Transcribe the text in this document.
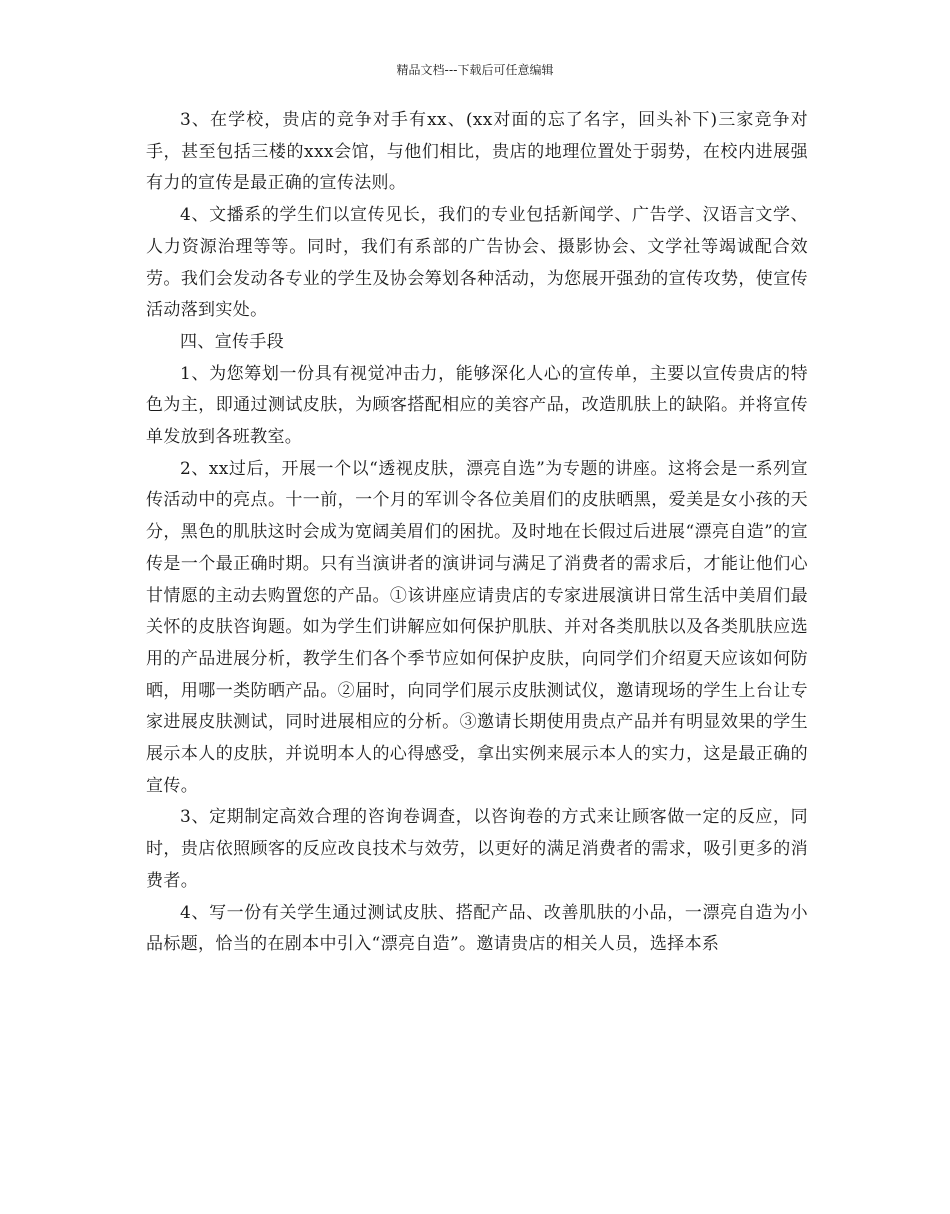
精品文档---下载后可任意编辑

3、在学校，贵店的竞争对手有xx、(xx对面的忘了名字，回头补下)三家竞争对手，甚至包括三楼的xxx会馆，与他们相比，贵店的地理位置处于弱势，在校内进展强有力的宣传是最正确的宣传法则。

4、文播系的学生们以宣传见长，我们的专业包括新闻学、广告学、汉语言文学、人力资源治理等等。同时，我们有系部的广告协会、摄影协会、文学社等竭诚配合效劳。我们会发动各专业的学生及协会筹划各种活动，为您展开强劲的宣传攻势，使宣传活动落到实处。

四、宣传手段

1、为您筹划一份具有视觉冲击力，能够深化人心的宣传单，主要以宣传贵店的特色为主，即通过测试皮肤，为顾客搭配相应的美容产品，改造肌肤上的缺陷。并将宣传单发放到各班教室。

2、xx过后，开展一个以“透视皮肤，漂亮自选”为专题的讲座。这将会是一系列宣传活动中的亮点。十一前，一个月的军训令各位美眉们的皮肤晒黑，爱美是女小孩的天分，黑色的肌肤这时会成为宽阔美眉们的困扰。及时地在长假过后进展“漂亮自造”的宣传是一个最正确时期。只有当演讲者的演讲词与满足了消费者的需求后，才能让他们心甘情愿的主动去购置您的产品。①该讲座应请贵店的专家进展演讲日常生活中美眉们最关怀的皮肤咨询题。如为学生们讲解应如何保护肌肤、并对各类肌肤以及各类肌肤应选用的产品进展分析，教学生们各个季节应如何保护皮肤，向同学们介绍夏天应该如何防晒，用哪一类防晒产品。②届时，向同学们展示皮肤测试仪，邀请现场的学生上台让专家进展皮肤测试，同时进展相应的分析。③邀请长期使用贵点产品并有明显效果的学生展示本人的皮肤，并说明本人的心得感受，拿出实例来展示本人的实力，这是最正确的宣传。

3、定期制定高效合理的咨询卷调查，以咨询卷的方式来让顾客做一定的反应，同时，贵店依照顾客的反应改良技术与效劳，以更好的满足消费者的需求，吸引更多的消费者。

4、写一份有关学生通过测试皮肤、搭配产品、改善肌肤的小品，一漂亮自造为小品标题，恰当的在剧本中引入“漂亮自造”。邀请贵店的相关人员，选择本系
